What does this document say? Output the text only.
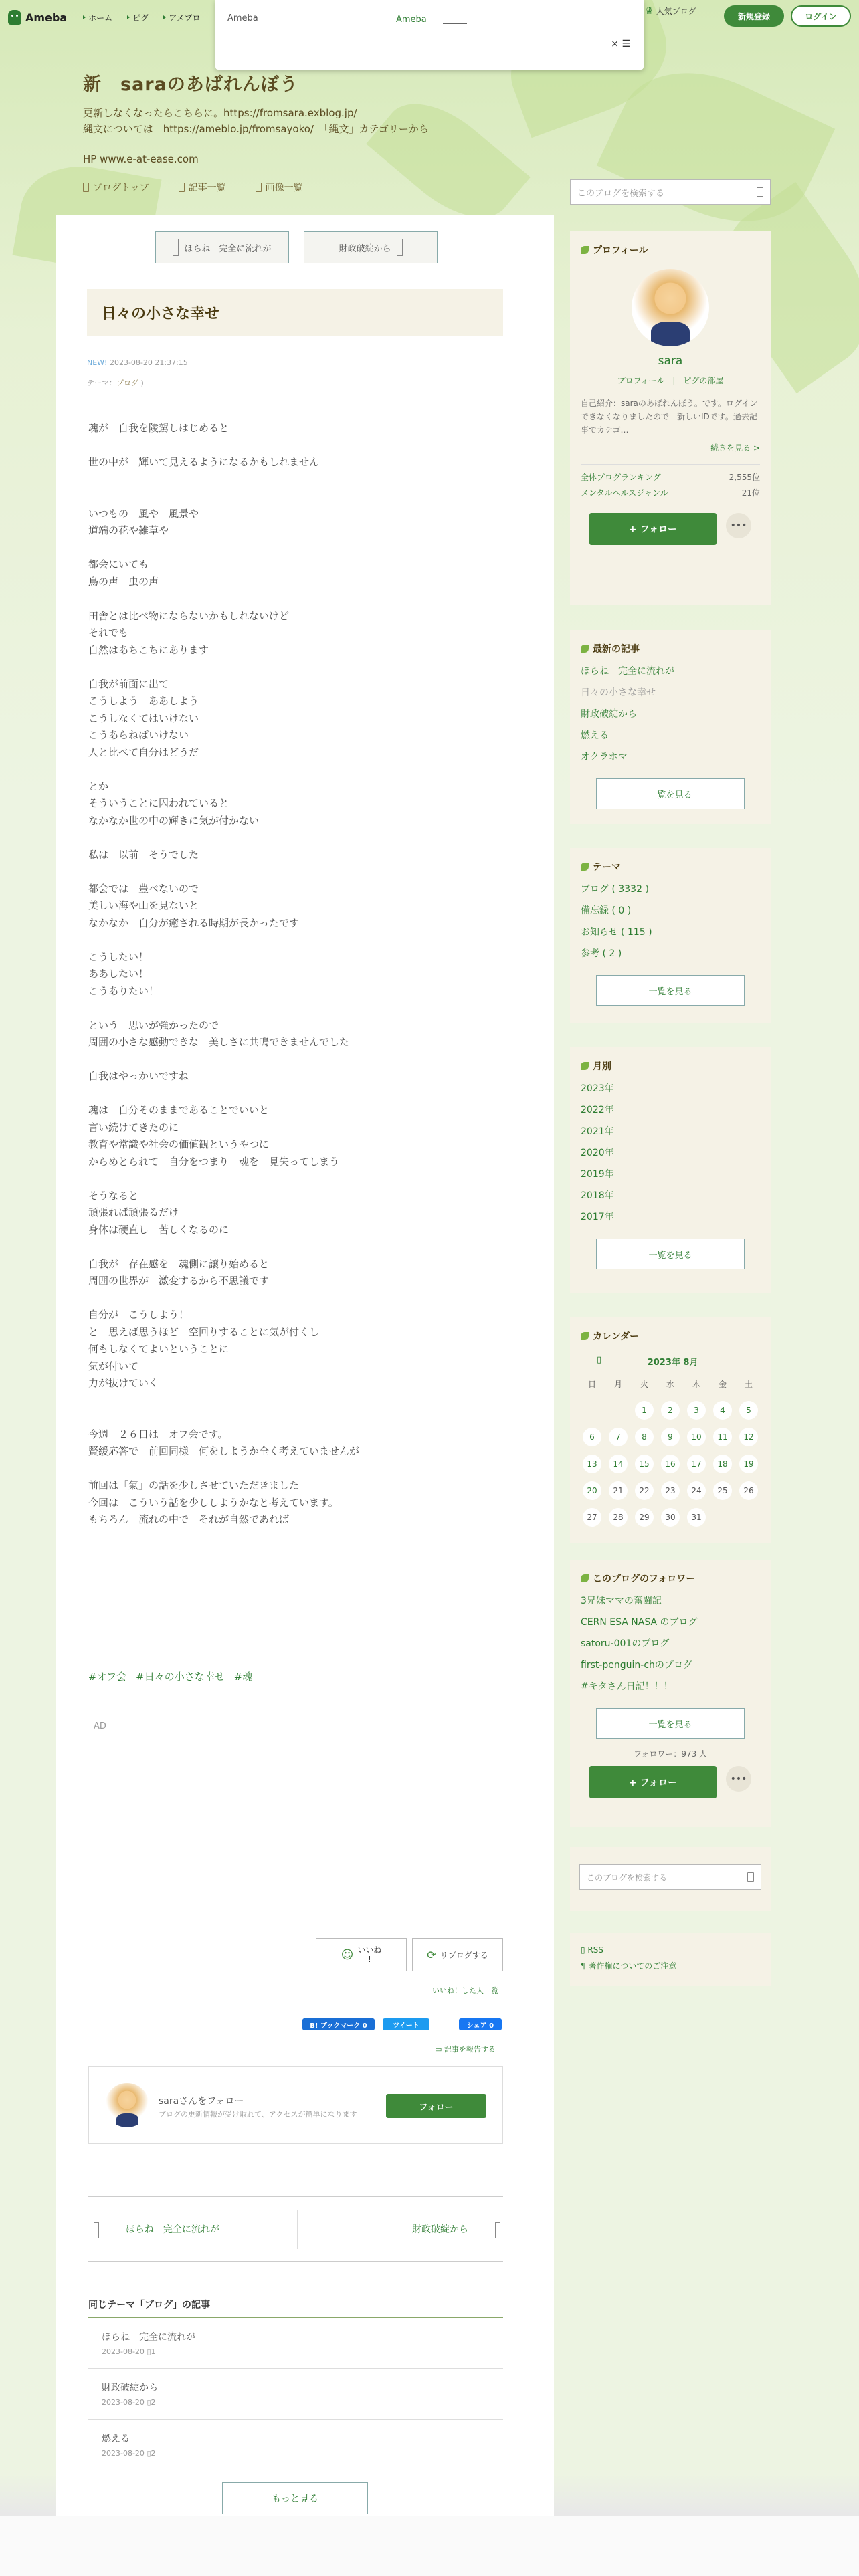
Ameba	ホーム	ピグ	アメブロ	Ameba	Ameba
× ☰
♛ 人気ブログ
新規登録	ログイン
新　saraのあばれんぼう
更新しなくなったらこちらに。https://fromsara.exblog.jp/
縄文については　https://ameblo.jp/fromsayoko/　「縄文」カテゴリーから
HP www.e-at-ease.com
ブログトップ	記事一覧	画像一覧	このブログを検索する
ほらね　完全に流れが	財政破綻から
日々の小さな幸せ
NEW! 2023-08-20 21:37:15
テーマ：ブログ )

魂が　自我を陵駕しはじめると

世の中が　輝いて見えるようになるかもしれません

いつもの　風や　風景や

道端の花や雑草や

都会にいても

鳥の声　虫の声

田舎とは比べ物にならないかもしれないけど

それでも

自然はあちこちにあります

自我が前面に出て

こうしよう　ああしよう

こうしなくてはいけない

こうあらねばいけない

人と比べて自分はどうだ

とか

そういうことに囚われていると

なかなか世の中の輝きに気が付かない

私は　以前　そうでした

都会では　豊べないので

美しい海や山を見ないと

なかなか　自分が癒される時期が長かったです

こうしたい！

ああしたい！

こうありたい！

という　思いが強かったので

周囲の小さな感動できな　美しさに共鳴できませんでした

自我はやっかいですね

魂は　自分そのままであることでいいと

言い続けてきたのに

教育や常識や社会の価値観というやつに

からめとられて　自分をつまり　魂を　見失ってしまう

そうなると

頑張れば頑張るだけ

身体は硬直し　苦しくなるのに

自我が　存在感を　魂側に譲り始めると

周囲の世界が　激変するから不思議です

自分が　こうしよう！

と　思えば思うほど　空回りすることに気が付くし

何もしなくてよいということに

気が付いて

力が抜けていく

今週　２６日は　オフ会です。

賢緩応答で　前回同様　何をしようか全く考えていませんが

前回は「氣」の話を少しさせていただきました

今回は　こういう話を少ししようかなと考えています。

もちろん　流れの中で　それが自然であれば

#オフ会 #日々の小さな幸せ #魂
AD
☺ いいね
!	⟳ リブログする
いいね！した人一覧
B! ブックマーク 0	ツイート	シェア 0
▭ 記事を報告する
saraさんをフォロー
ブログの更新情報が受け取れて、アクセスが簡単になります
フォロー
ほらね　完全に流れが	財政破綻から
同じテーマ「ブログ」の記事
ほらね　完全に流れが
2023-08-20 ▯1
財政破綻から
2023-08-20 ▯2
燃える
2023-08-20 ▯2
もっと見る
プロフィール
sara
プロフィール　|　ピグの部屋
自己紹介：saraのあばれんぼう。です。ログインできなくなりましたので　新しいIDです。過去記事でカテゴ…
続きを見る >
全体ブログランキング	2,555位
メンタルヘルスジャンル	21位
+ フォロー	•••
最新の記事
ほらね　完全に流れが
日々の小さな幸せ
財政破綻から
燃える
オクラホマ
一覧を見る
テーマ
ブログ ( 3332 )
備忘録 ( 0 )
お知らせ ( 115 )
参考 ( 2 )
一覧を見る
月別
2023年
2022年
2021年
2020年
2019年
2018年
2017年
一覧を見る
カレンダー
▯	2023年 8月
日	月	火	水	木	金	土
		1	2	3	4	5
6	7	8	9	10	11	12
13	14	15	16	17	18	19
20	21	22	23	24	25	26
27	28	29	30	31		
このブログのフォロワー
3兄妹ママの奮闘記
CERN ESA NASA のブログ
satoru-001のブログ
first-penguin-chのブログ
#キタさん日記！！！
一覧を見る
フォロワー：973 人
+ フォロー	•••
このブログを検索する
▯ RSS
¶ 著作権についてのご注意
